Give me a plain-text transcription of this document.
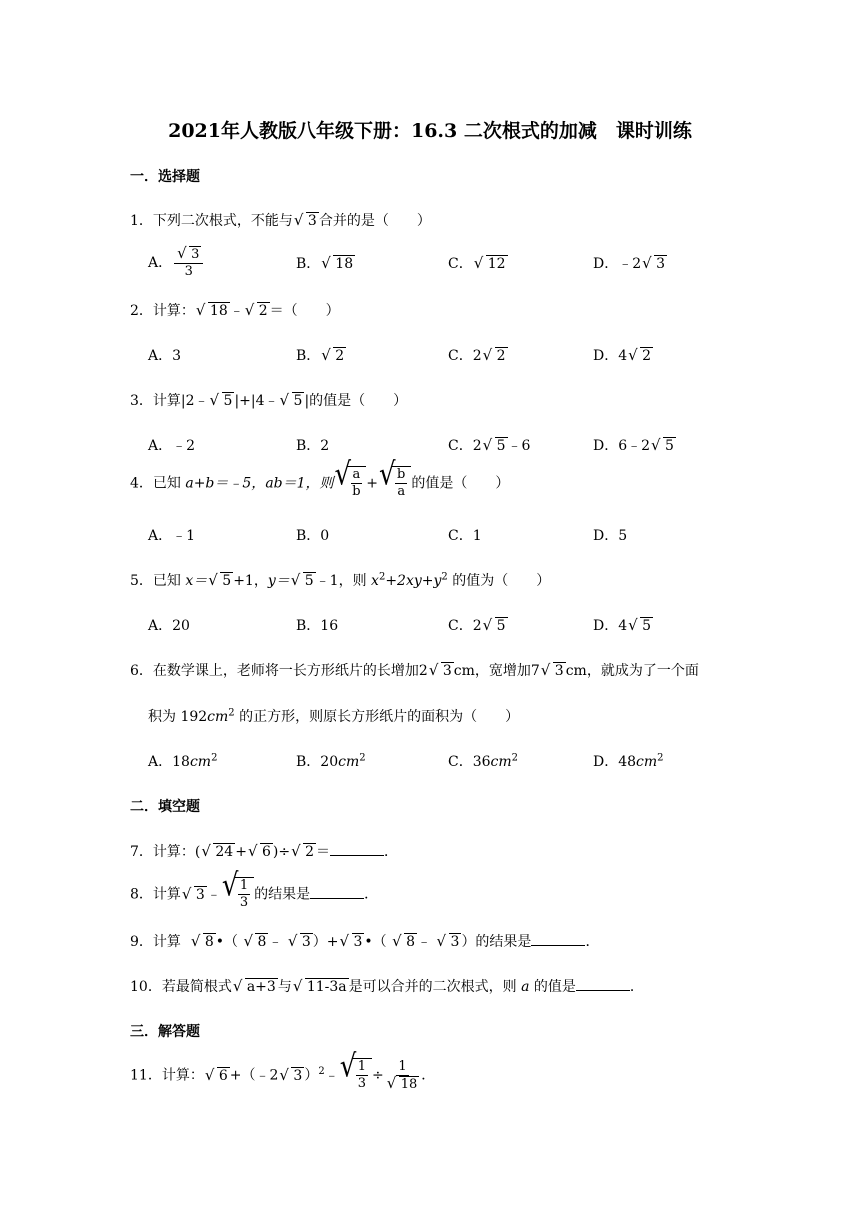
2021年人教版八年级下册：16.3 二次根式的加减　课时训练
一．选择题
1．下列二次根式，不能与 √ 3 合并的是（　　）
A． √ $\frac{3}{3}$	B． √ 18	C． √ 12	D．﹣2 √ 3
2．计算： √ 18 ﹣ √ 2 ＝（　　）
A．3	B． √ 2	C．2 √ 2	D．4 √ 2
3．计算|2﹣ √ 5 |+|4﹣ √ 5 |的值是（　　）
A．﹣2	B．2	C．2 √ 5 ﹣6	D．6﹣2 √ 5
4．已知 a+b＝﹣5，ab＝1，则 √ $\frac{a}{b}$ + √ $\frac{b}{a}$ 的值是（　　）
A．﹣1	B．0	C．1	D．5
5．已知 x＝ √ 5 +1，y＝ √ 5 ﹣1，则 $x^2+2xy+y^2$ 的值为（　　）
A．20	B．16	C．2 √ 5	D．4 √ 5
6．在数学课上，老师将一长方形纸片的长增加2 √ 3 cm，宽增加7 √ 3 cm，就成为了一个面
积为 $192cm^2$ 的正方形，则原长方形纸片的面积为（　　）
A．$18cm^2$	B．$20cm^2$	C．$36cm^2$	D．$48cm^2$
二．填空题
7．计算：( √ 24 + √ 6 )÷ √ 2 ＝	．
8．计算 √ 3 ﹣ √ $\frac{1}{3}$ 的结果是	．
9．计算 √ 8 •（ √ 8 ﹣ √ 3 ）+ √ 3 •（ √ 8 ﹣ √ 3 ）的结果是	．
10．若最简根式 √ a+3 与 √ 11-3a 是可以合并的二次根式，则 a 的值是	．
三．解答题
11．计算： √ 6 +（﹣2 √ 3 ）$^2$﹣ √ $\frac{1}{3} \div 1$
√ 18 ．
